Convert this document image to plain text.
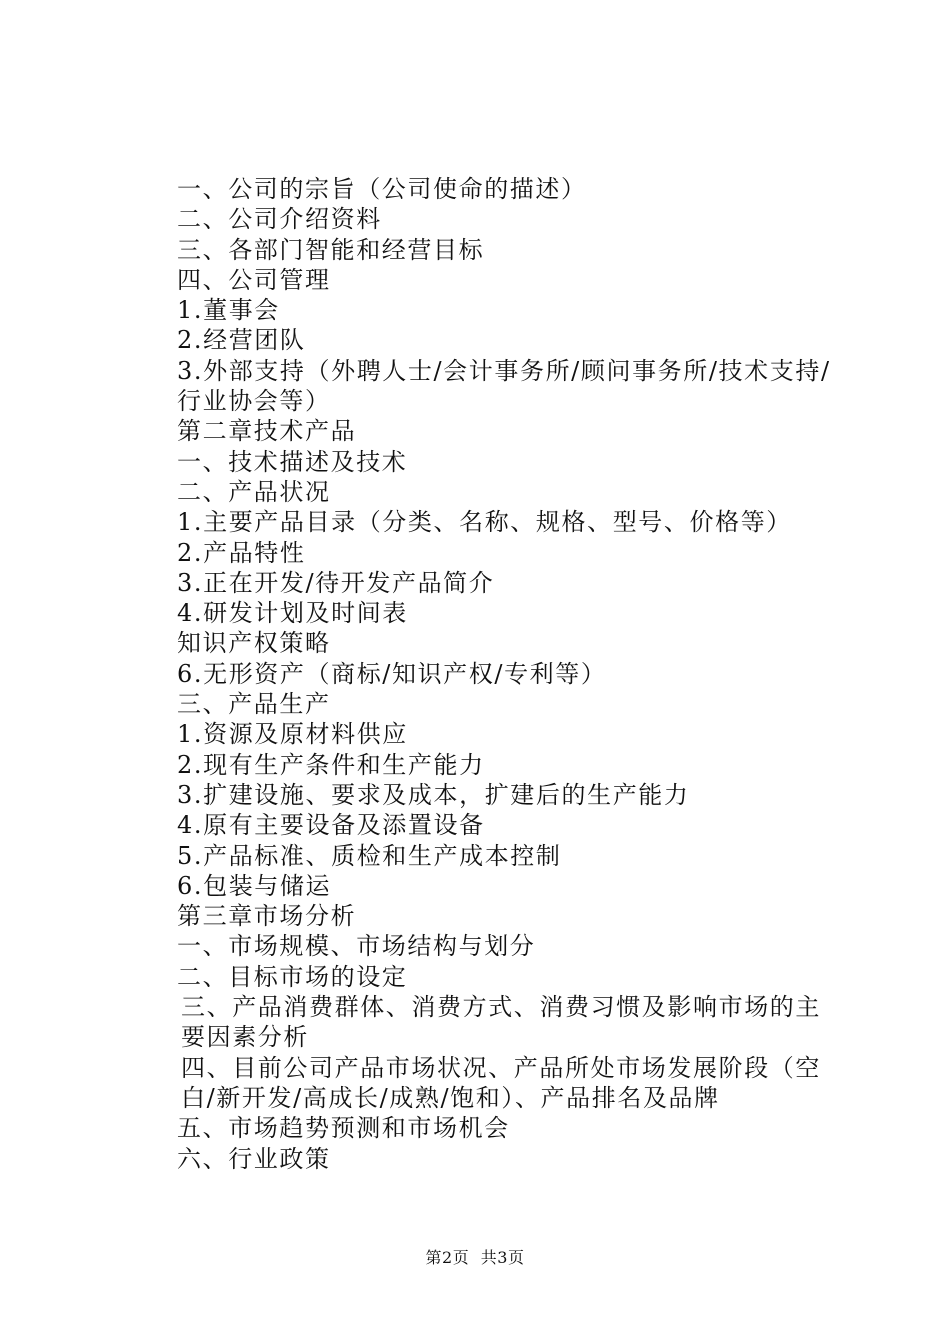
一、公司的宗旨（公司使命的描述）
二、公司介绍资料
三、各部门智能和经营目标
四、公司管理
1.董事会
2.经营团队
3.外部支持（外聘人士/会计事务所/顾问事务所/技术支持/行业协会等）
第二章技术产品
一、技术描述及技术
二、产品状况
1.主要产品目录（分类、名称、规格、型号、价格等）
2.产品特性
3.正在开发/待开发产品简介
4.研发计划及时间表
知识产权策略
6.无形资产（商标/知识产权/专利等）
三、产品生产
1.资源及原材料供应
2.现有生产条件和生产能力
3.扩建设施、要求及成本，扩建后的生产能力
4.原有主要设备及添置设备
5.产品标准、质检和生产成本控制
6.包装与储运
第三章市场分析
一、市场规模、市场结构与划分
二、目标市场的设定
三、产品消费群体、消费方式、消费习惯及影响市场的主要因素分析
四、目前公司产品市场状况、产品所处市场发展阶段（空白/新开发/高成长/成熟/饱和）、产品排名及品牌
五、市场趋势预测和市场机会
六、行业政策
第2页 共3页
